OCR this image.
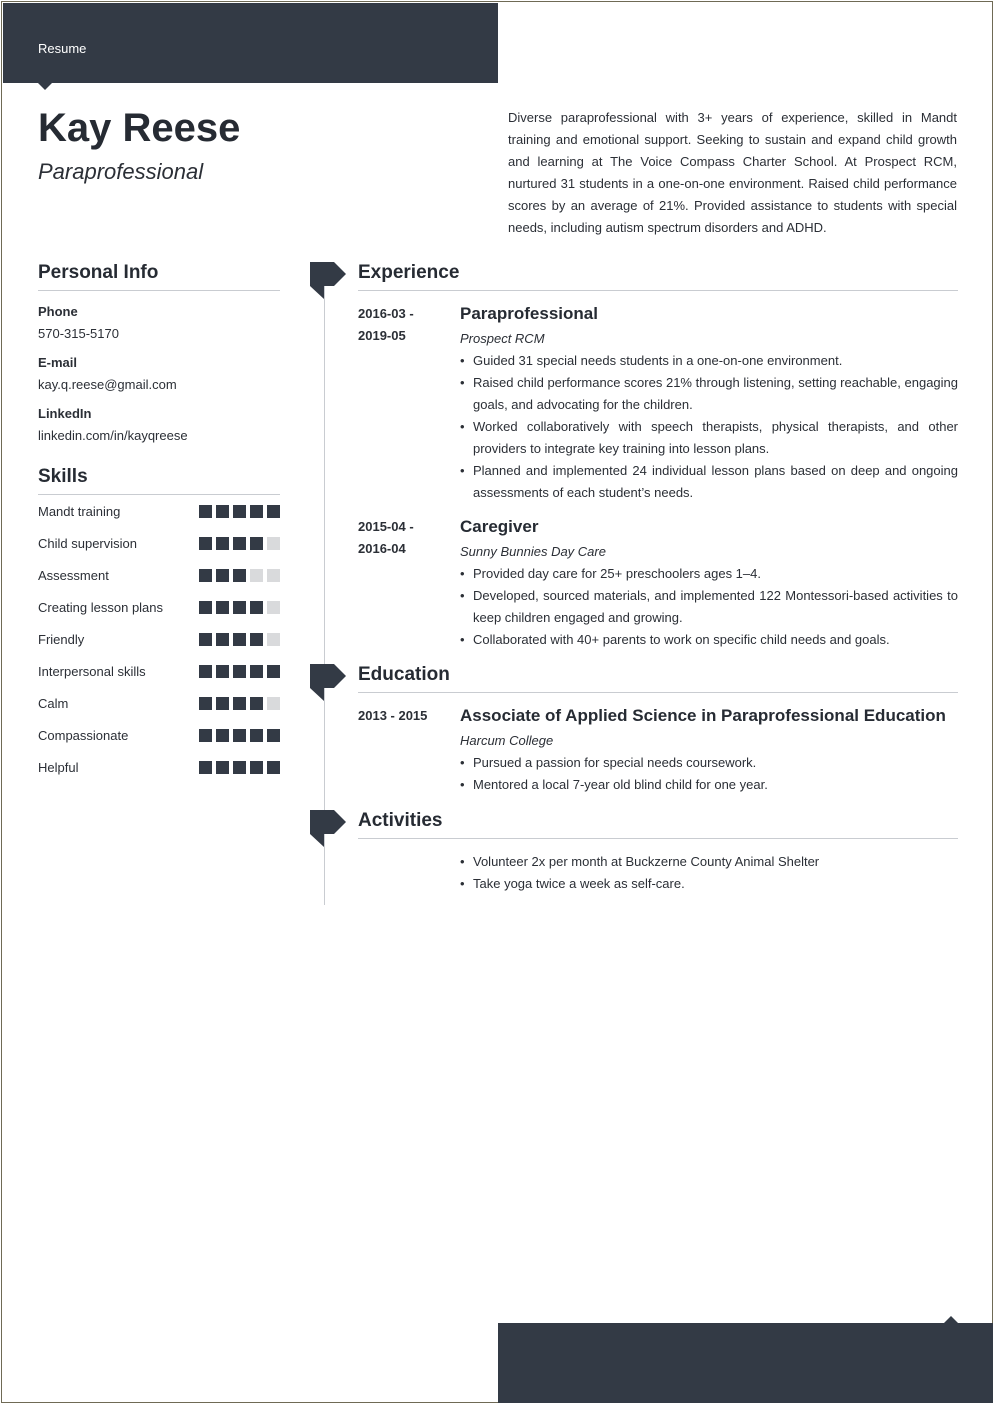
Resume
Kay Reese
Paraprofessional
Diverse paraprofessional with 3+ years of experience, skilled in Mandt training and emotional support. Seeking to sustain and expand child growth and learning at The Voice Compass Charter School. At Prospect RCM, nurtured 31 students in a one-on-one environment. Raised child performance scores by an average of 21%. Provided assistance to students with special needs, including autism spectrum disorders and ADHD.
Personal Info
Phone
570-315-5170
E-mail
kay.q.reese@gmail.com
LinkedIn
linkedin.com/in/kayqreese
Skills
Mandt training
Child supervision
Assessment
Creating lesson plans
Friendly
Interpersonal skills
Calm
Compassionate
Helpful
Experience
2016-03 - 2019-05
Paraprofessional
Prospect RCM
• Guided 31 special needs students in a one-on-one environment.
• Raised child performance scores 21% through listening, setting reachable, engaging goals, and advocating for the children.
• Worked collaboratively with speech therapists, physical therapists, and other providers to integrate key training into lesson plans.
• Planned and implemented 24 individual lesson plans based on deep and ongoing assessments of each student’s needs.
2015-04 - 2016-04
Caregiver
Sunny Bunnies Day Care
• Provided day care for 25+ preschoolers ages 1–4.
• Developed, sourced materials, and implemented 122 Montessori-based activities to keep children engaged and growing.
• Collaborated with 40+ parents to work on specific child needs and goals.
Education
2013 - 2015	Associate of Applied Science in Paraprofessional Education
Harcum College
• Pursued a passion for special needs coursework.
• Mentored a local 7-year old blind child for one year.
Activities
• Volunteer 2x per month at Buckzerne County Animal Shelter
• Take yoga twice a week as self-care.
